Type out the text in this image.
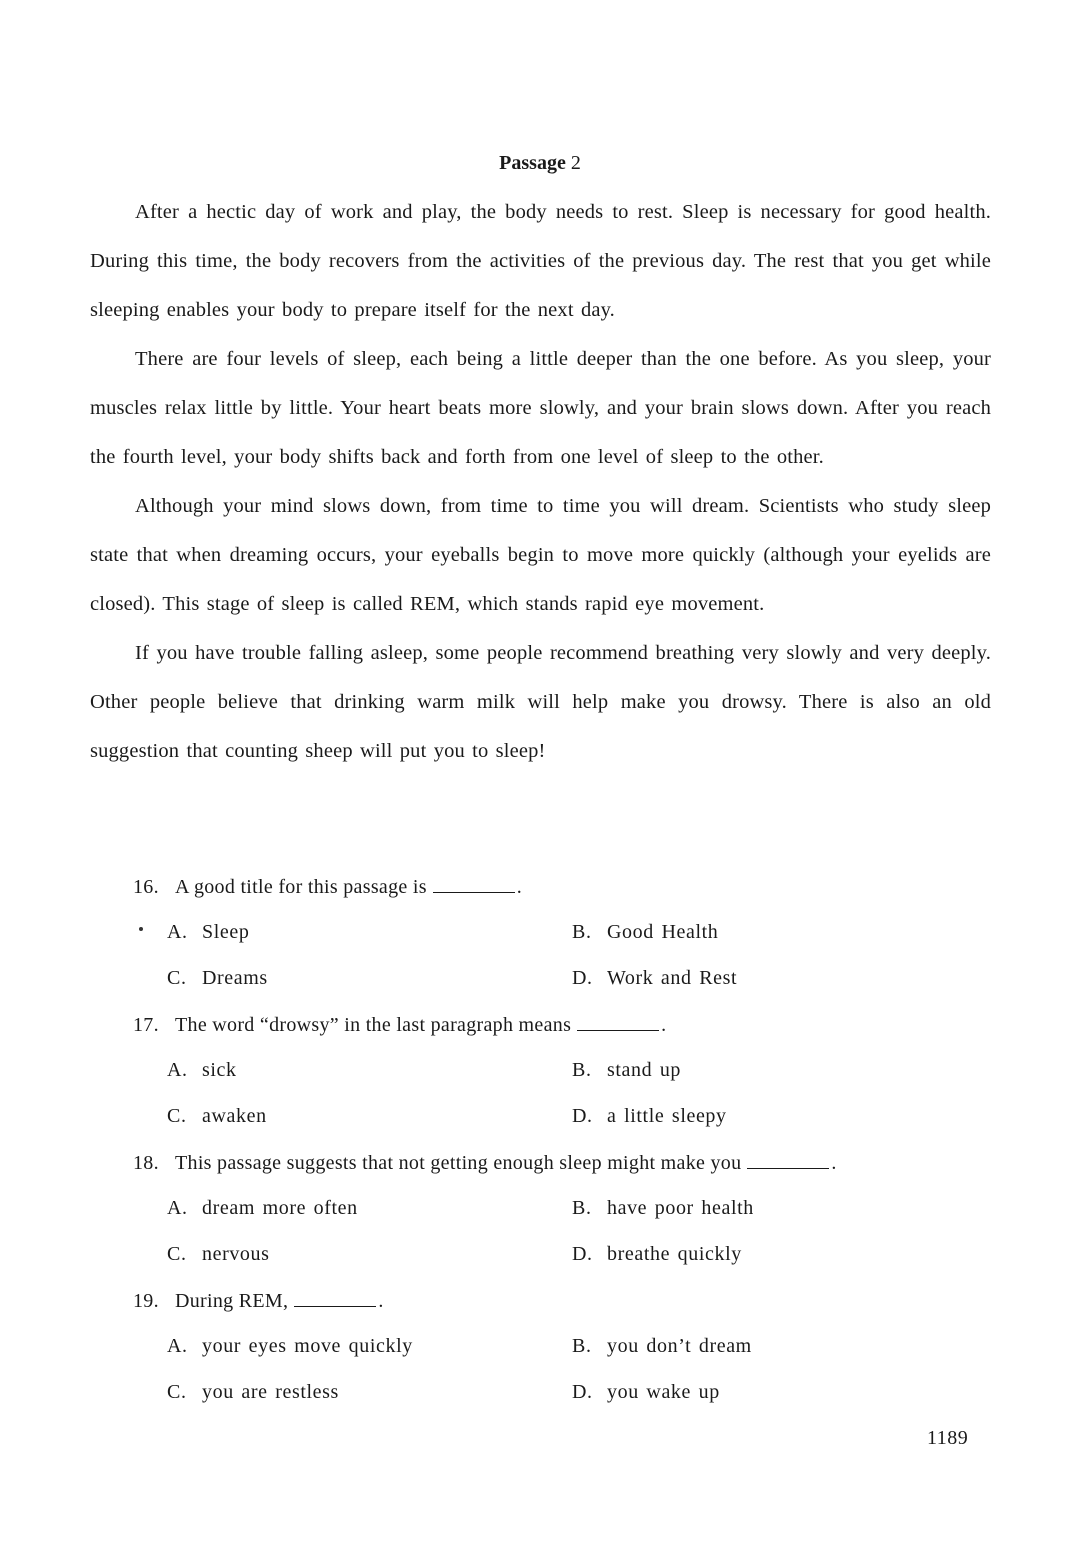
Passage 2

After a hectic day of work and play, the body needs to rest. Sleep is necessary for good health. During this time, the body recovers from the activities of the previous day. The rest that you get while sleeping enables your body to prepare itself for the next day.

There are four levels of sleep, each being a little deeper than the one before. As you sleep, your muscles relax little by little. Your heart beats more slowly, and your brain slows down. After you reach the fourth level, your body shifts back and forth from one level of sleep to the other.

Although your mind slows down, from time to time you will dream. Scientists who study sleep state that when dreaming occurs, your eyeballs begin to move more quickly (although your eyelids are closed). This stage of sleep is called REM, which stands rapid eye movement.

If you have trouble falling asleep, some people recommend breathing very slowly and very deeply. Other people believe that drinking warm milk will help make you drowsy. There is also an old suggestion that counting sheep will put you to sleep!

16. A good title for this passage is	.
A. Sleep	B. Good Health
C. Dreams	D. Work and Rest
17. The word “drowsy” in the last paragraph means	.
A. sick	B. stand up
C. awaken	D. a little sleepy
18. This passage suggests that not getting enough sleep might make you	.
A. dream more often	B. have poor health
C. nervous	D. breathe quickly
19. During REM,	.
A. your eyes move quickly	B. you don’t dream
C. you are restless	D. you wake up
1189
